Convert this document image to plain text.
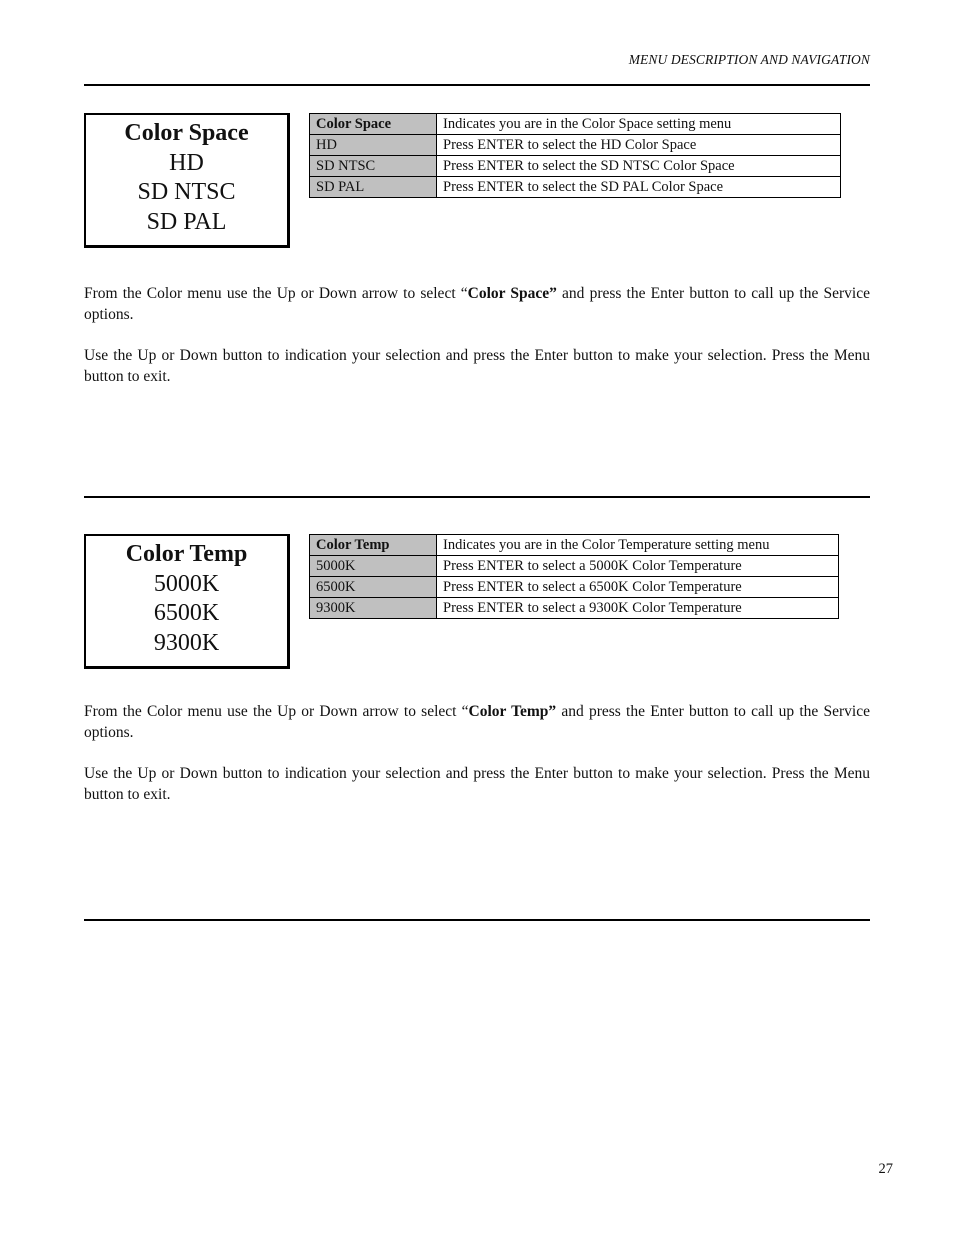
MENU DESCRIPTION AND NAVIGATION
Color Space
HD
SD NTSC
SD PAL
Color Space	Indicates you are in the Color Space setting menu
HD	Press ENTER to select the HD Color Space
SD NTSC	Press ENTER to select the SD NTSC Color Space
SD PAL	Press ENTER to select the SD PAL Color Space

From the Color menu use the Up or Down arrow to select “Color Space” and press the Enter button to call up the Service options.

Use the Up or Down button to indication your selection and press the Enter button to make your selection. Press the Menu button to exit.

Color Temp
5000K
6500K
9300K
Color Temp	Indicates you are in the Color Temperature setting menu
5000K	Press ENTER to select a 5000K Color Temperature
6500K	Press ENTER to select a 6500K Color Temperature
9300K	Press ENTER to select a 9300K Color Temperature

From the Color menu use the Up or Down arrow to select “Color Temp” and press the Enter button to call up the Service options.

Use the Up or Down button to indication your selection and press the Enter button to make your selection. Press the Menu button to exit.

27
